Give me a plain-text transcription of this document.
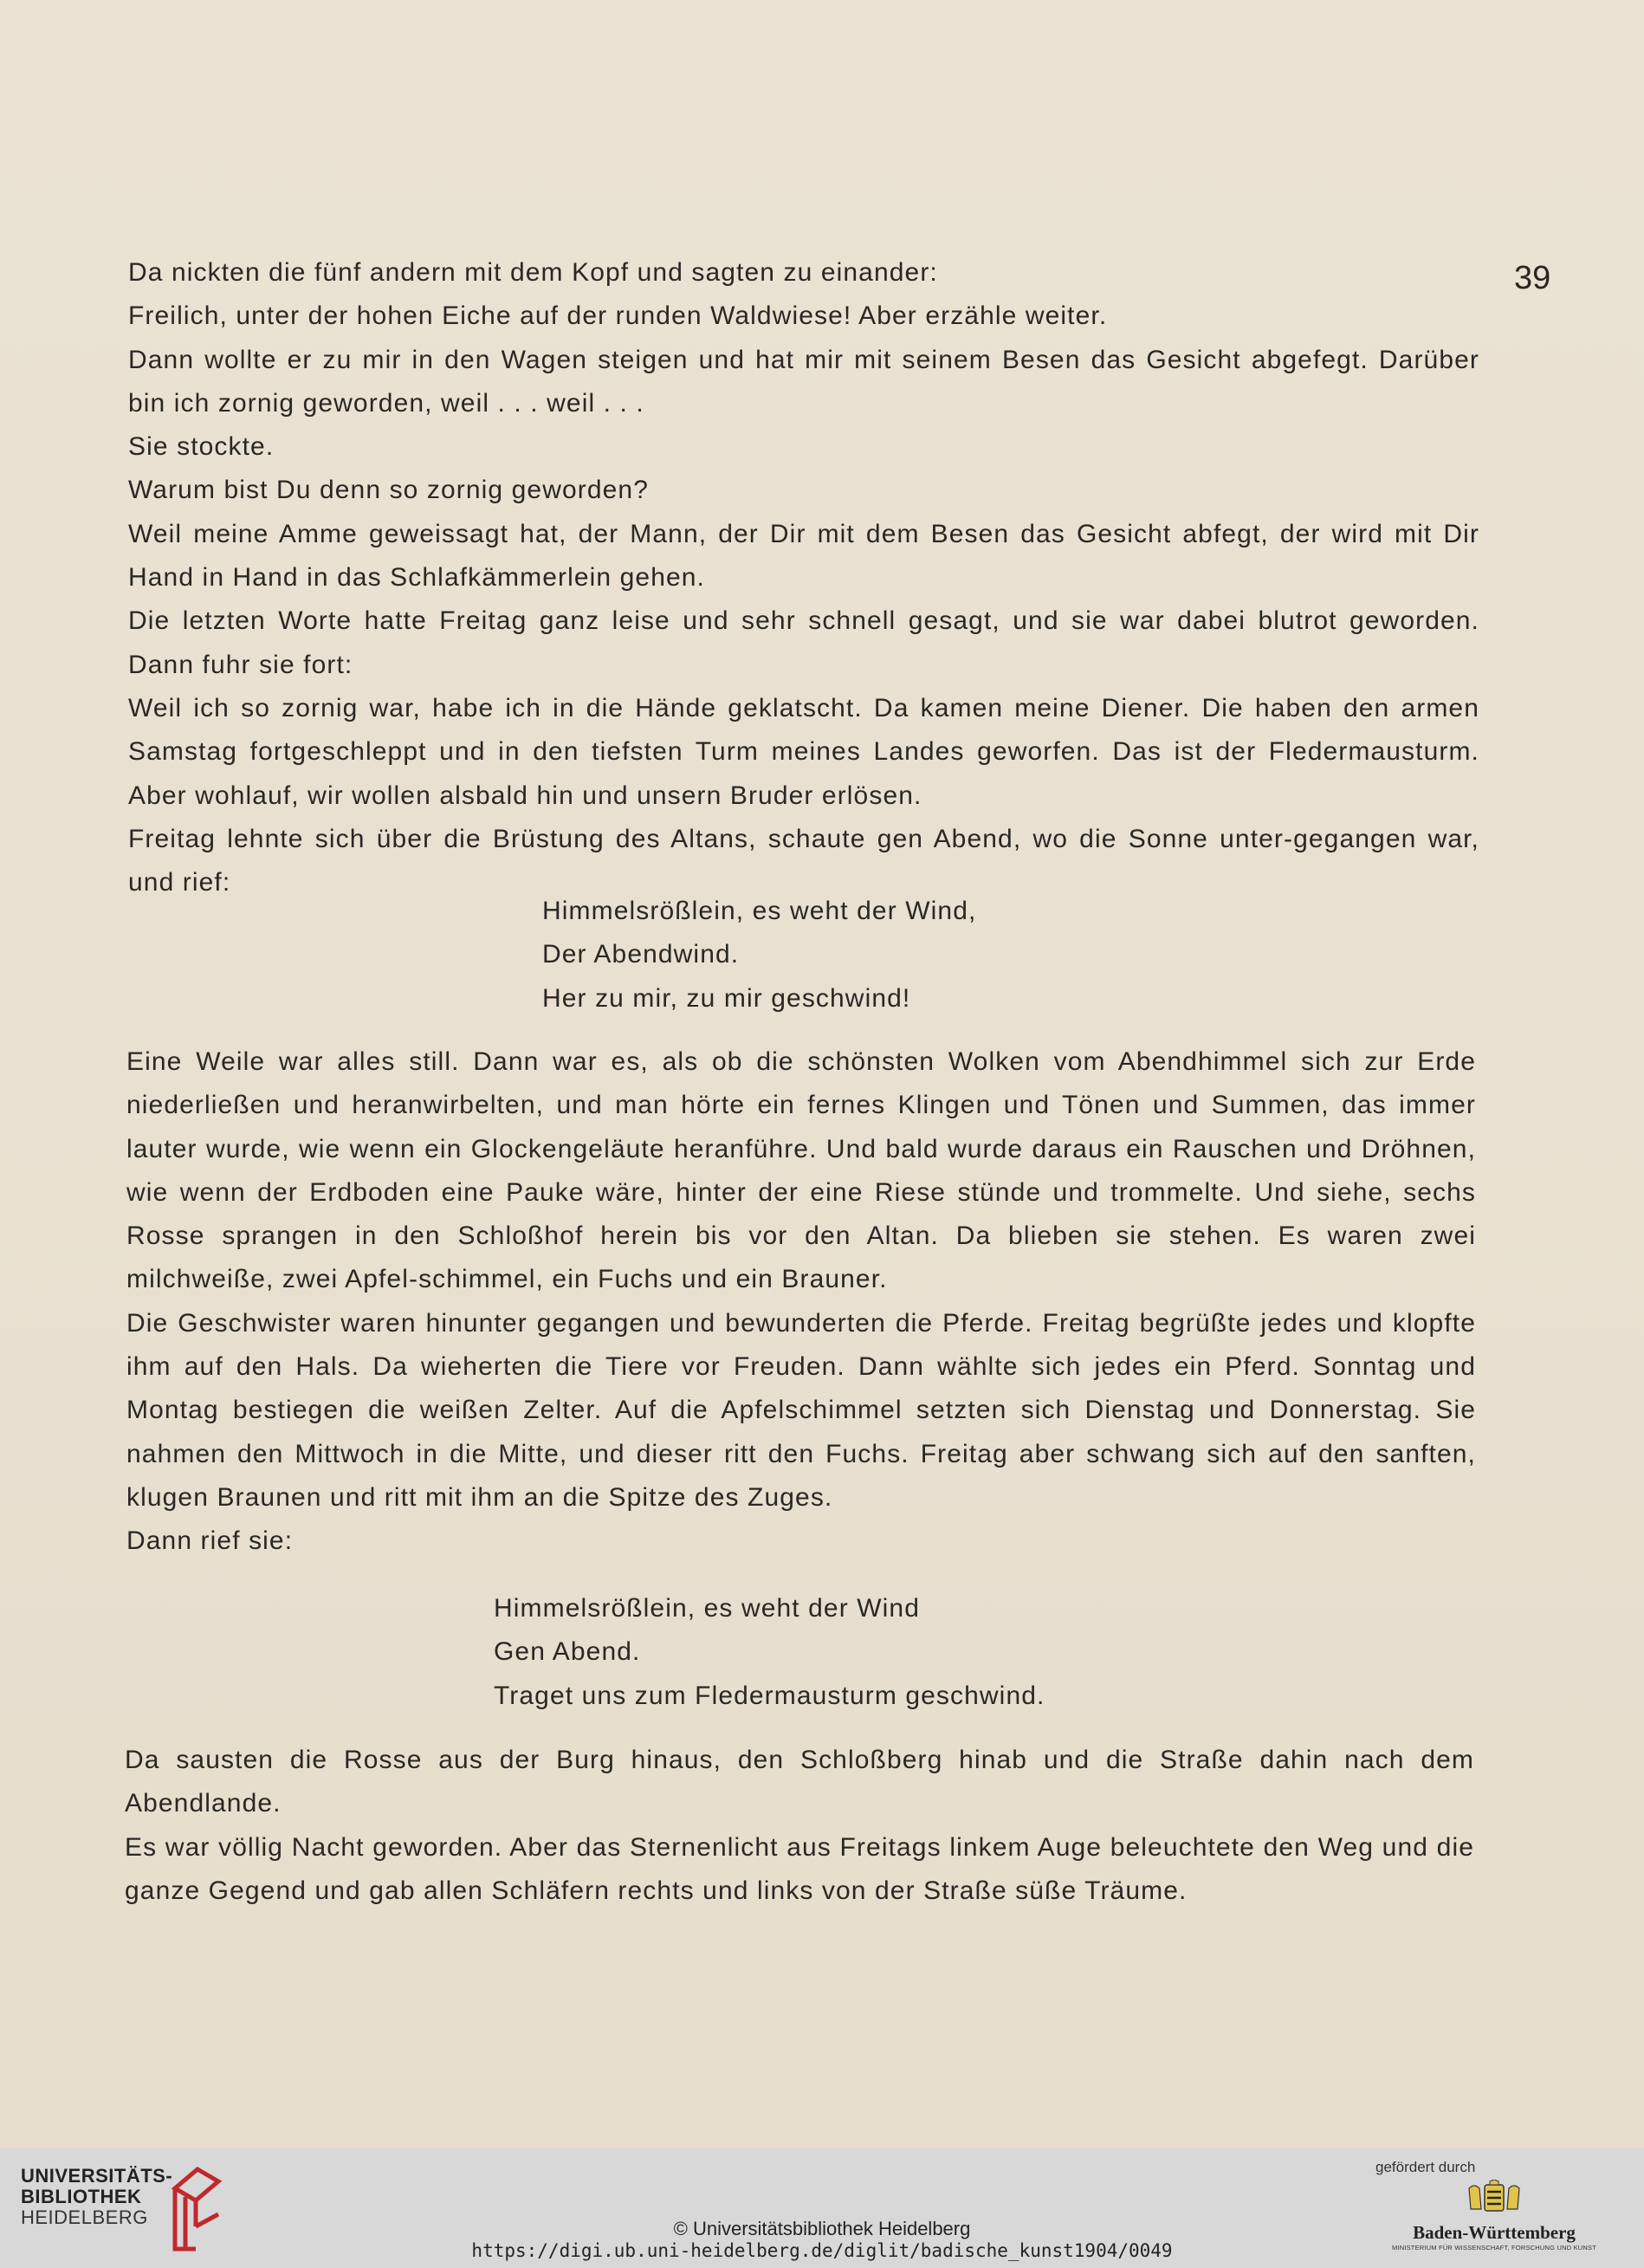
39

Da nickten die fünf andern mit dem Kopf und sagten zu einander:

Freilich, unter der hohen Eiche auf der runden Waldwiese! Aber erzähle weiter.

Dann wollte er zu mir in den Wagen steigen und hat mir mit seinem Besen das Gesicht abgefegt. Darüber bin ich zornig geworden, weil . . . weil . . .

Sie stockte.

Warum bist Du denn so zornig geworden?

Weil meine Amme geweissagt hat, der Mann, der Dir mit dem Besen das Gesicht abfegt, der wird mit Dir Hand in Hand in das Schlafkämmerlein gehen.

Die letzten Worte hatte Freitag ganz leise und sehr schnell gesagt, und sie war dabei blutrot geworden. Dann fuhr sie fort:

Weil ich so zornig war, habe ich in die Hände geklatscht. Da kamen meine Diener. Die haben den armen Samstag fortgeschleppt und in den tiefsten Turm meines Landes geworfen. Das ist der Fledermausturm. Aber wohlauf, wir wollen alsbald hin und unsern Bruder erlösen.

Freitag lehnte sich über die Brüstung des Altans, schaute gen Abend, wo die Sonne unter-gegangen war, und rief:

Himmelsrößlein, es weht der Wind,
Der Abendwind.
Her zu mir, zu mir geschwind!

Eine Weile war alles still. Dann war es, als ob die schönsten Wolken vom Abendhimmel sich zur Erde niederließen und heranwirbelten, und man hörte ein fernes Klingen und Tönen und Summen, das immer lauter wurde, wie wenn ein Glockengeläute heranführe. Und bald wurde daraus ein Rauschen und Dröhnen, wie wenn der Erdboden eine Pauke wäre, hinter der eine Riese stünde und trommelte. Und siehe, sechs Rosse sprangen in den Schloßhof herein bis vor den Altan. Da blieben sie stehen. Es waren zwei milchweiße, zwei Apfel-schimmel, ein Fuchs und ein Brauner.

Die Geschwister waren hinunter gegangen und bewunderten die Pferde. Freitag begrüßte jedes und klopfte ihm auf den Hals. Da wieherten die Tiere vor Freuden. Dann wählte sich jedes ein Pferd. Sonntag und Montag bestiegen die weißen Zelter. Auf die Apfelschimmel setzten sich Dienstag und Donnerstag. Sie nahmen den Mittwoch in die Mitte, und dieser ritt den Fuchs. Freitag aber schwang sich auf den sanften, klugen Braunen und ritt mit ihm an die Spitze des Zuges.

Dann rief sie:

Himmelsrößlein, es weht der Wind
Gen Abend.
Traget uns zum Fledermausturm geschwind.

Da sausten die Rosse aus der Burg hinaus, den Schloßberg hinab und die Straße dahin nach dem Abendlande.

Es war völlig Nacht geworden. Aber das Sternenlicht aus Freitags linkem Auge beleuchtete den Weg und die ganze Gegend und gab allen Schläfern rechts und links von der Straße süße Träume.

UNIVERSITÄTS-
BIBLIOTHEK
HEIDELBERG
© Universitätsbibliothek Heidelberg
https://digi.ub.uni-heidelberg.de/diglit/badische_kunst1904/0049
gefördert durch
Baden-Württemberg
MINISTERIUM FÜR WISSENSCHAFT, FORSCHUNG UND KUNST
